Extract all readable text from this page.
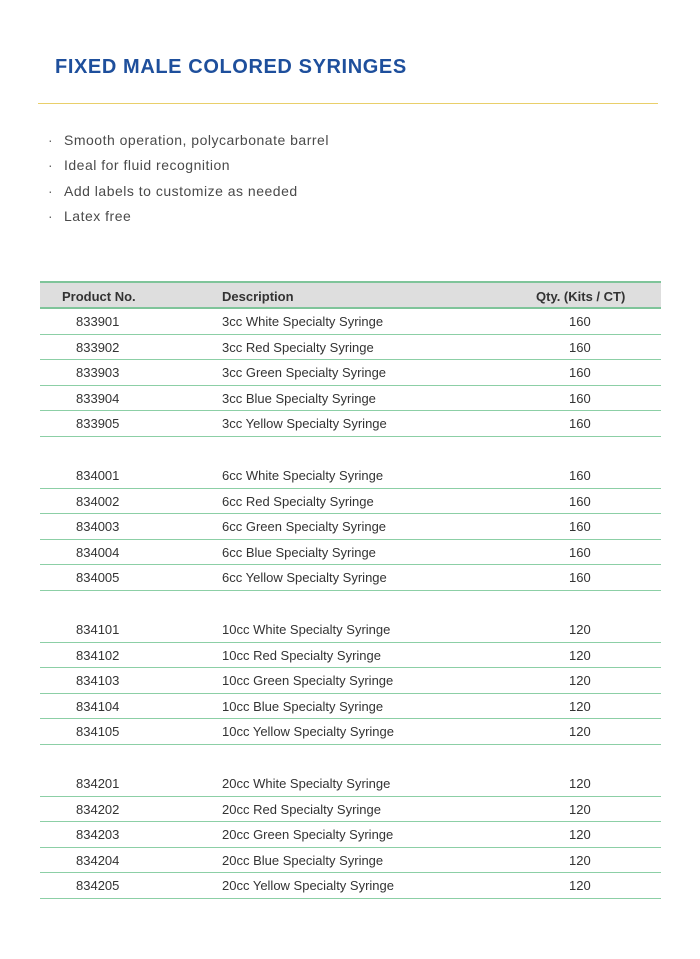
FIXED MALE COLORED SYRINGES
· Smooth operation, polycarbonate barrel
· Ideal for fluid recognition
· Add labels to customize as needed
· Latex free
Product No.	Description	Qty. (Kits / CT)
833901	3cc White Specialty Syringe	160
833902	3cc Red Specialty Syringe	160
833903	3cc Green Specialty Syringe	160
833904	3cc Blue Specialty Syringe	160
833905	3cc Yellow Specialty Syringe	160
834001	6cc White Specialty Syringe	160
834002	6cc Red Specialty Syringe	160
834003	6cc Green Specialty Syringe	160
834004	6cc Blue Specialty Syringe	160
834005	6cc Yellow Specialty Syringe	160
834101	10cc White Specialty Syringe	120
834102	10cc Red Specialty Syringe	120
834103	10cc Green Specialty Syringe	120
834104	10cc Blue Specialty Syringe	120
834105	10cc Yellow Specialty Syringe	120
834201	20cc White Specialty Syringe	120
834202	20cc Red Specialty Syringe	120
834203	20cc Green Specialty Syringe	120
834204	20cc Blue Specialty Syringe	120
834205	20cc Yellow Specialty Syringe	120
